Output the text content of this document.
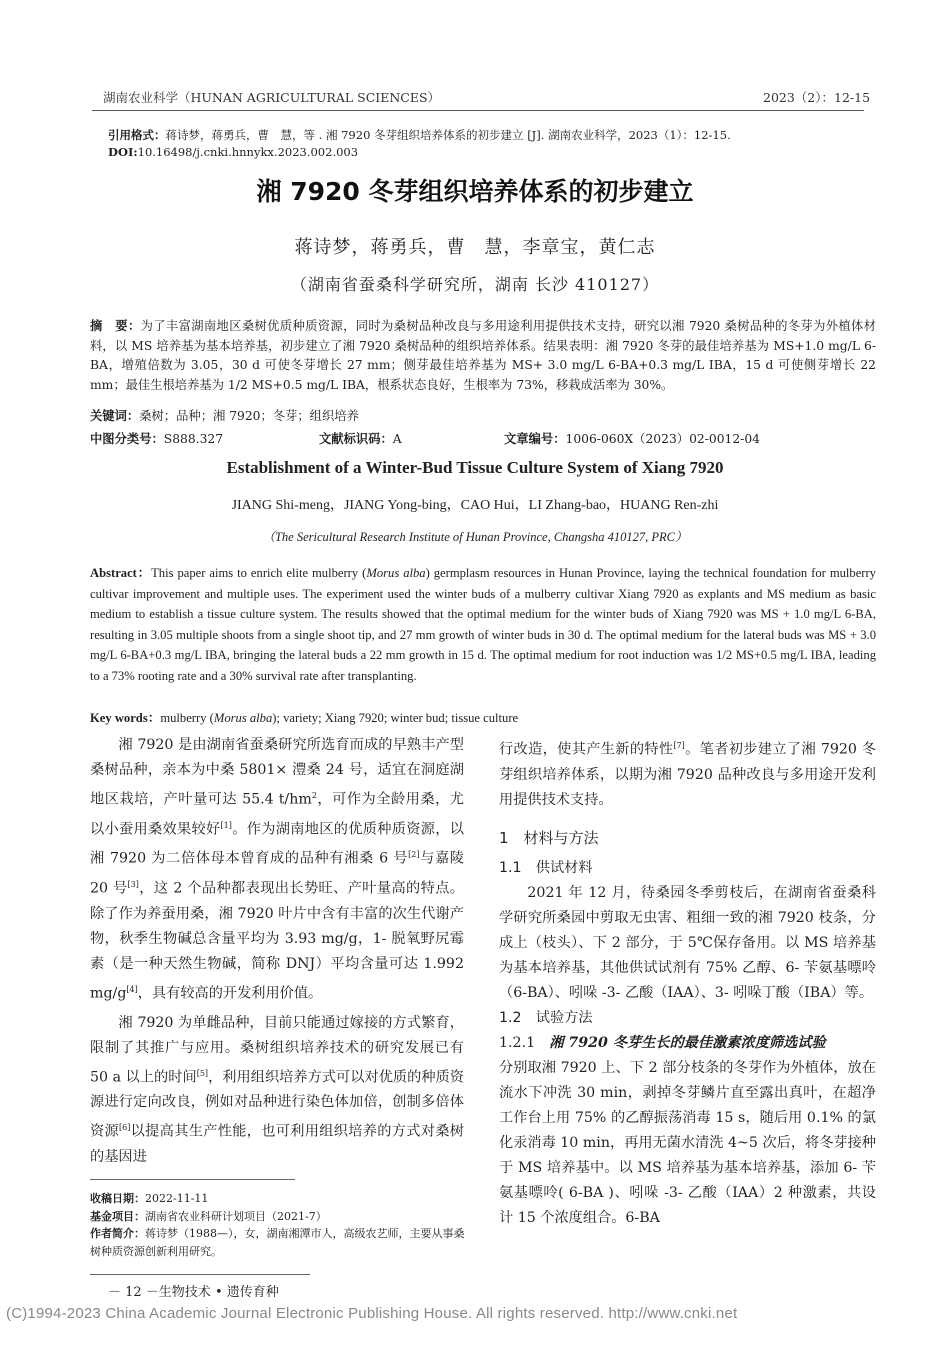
湖南农业科学（HUNAN AGRICULTURAL SCIENCES）	2023（2）：12-15
引用格式：蒋诗梦，蒋勇兵，曹　慧，等 . 湘 7920 冬芽组织培养体系的初步建立 [J]. 湖南农业科学，2023（1）：12-15.
DOI:10.16498/j.cnki.hnnykx.2023.002.003
湘 7920 冬芽组织培养体系的初步建立
蒋诗梦，蒋勇兵，曹　慧，李章宝，黄仁志
（湖南省蚕桑科学研究所，湖南 长沙 410127）
摘　要：为了丰富湖南地区桑树优质种质资源，同时为桑树品种改良与多用途利用提供技术支持，研究以湘 7920 桑树品种的冬芽为外植体材料，以 MS 培养基为基本培养基，初步建立了湘 7920 桑树品种的组织培养体系。结果表明：湘 7920 冬芽的最佳培养基为 MS+1.0 mg/L 6-BA，增殖倍数为 3.05，30 d 可使冬芽增长 27 mm；侧芽最佳培养基为 MS+ 3.0 mg/L 6-BA+0.3 mg/L IBA，15 d 可使侧芽增长 22 mm；最佳生根培养基为 1/2 MS+0.5 mg/L IBA，根系状态良好，生根率为 73%，移栽成活率为 30%。
关键词：桑树；品种；湘 7920；冬芽；组织培养
中图分类号：S888.327	文献标识码：A	文章编号：1006-060X（2023）02-0012-04
Establishment of a Winter-Bud Tissue Culture System of Xiang 7920
JIANG Shi-meng，JIANG Yong-bing，CAO Hui，LI Zhang-bao，HUANG Ren-zhi
（The Sericultural Research Institute of Hunan Province, Changsha 410127, PRC）
Abstract：This paper aims to enrich elite mulberry (Morus alba) germplasm resources in Hunan Province, laying the technical foundation for mulberry cultivar improvement and multiple uses. The experiment used the winter buds of a mulberry cultivar Xiang 7920 as explants and MS medium as basic medium to establish a tissue culture system. The results showed that the optimal medium for the winter buds of Xiang 7920 was MS + 1.0 mg/L 6-BA, resulting in 3.05 multiple shoots from a single shoot tip, and 27 mm growth of winter buds in 30 d. The optimal medium for the lateral buds was MS + 3.0 mg/L 6-BA+0.3 mg/L IBA, bringing the lateral buds a 22 mm growth in 15 d. The optimal medium for root induction was 1/2 MS+0.5 mg/L IBA, leading to a 73% rooting rate and a 30% survival rate after transplanting.
Key words：mulberry (Morus alba); variety; Xiang 7920; winter bud; tissue culture

湘 7920 是由湖南省蚕桑研究所选育而成的早熟丰产型桑树品种，亲本为中桑 5801× 澧桑 24 号，适宜在洞庭湖地区栽培，产叶量可达 55.4 $t/hm^2$，可作为全龄用桑，尤以小蚕用桑效果较好[1]。作为湖南地区的优质种质资源，以湘 7920 为二倍体母本曾育成的品种有湘桑 6 号[2]与嘉陵 20 号[3]，这 2 个品种都表现出长势旺、产叶量高的特点。除了作为养蚕用桑，湘 7920 叶片中含有丰富的次生代谢产物，秋季生物碱总含量平均为 3.93 mg/g，1- 脱氧野尻霉素（是一种天然生物碱，简称 DNJ）平均含量可达 1.992 mg/g[4]，具有较高的开发利用价值。

湘 7920 为单雌品种，目前只能通过嫁接的方式繁育，限制了其推广与应用。桑树组织培养技术的研究发展已有 50 a 以上的时间[5]，利用组织培养方式可以对优质的种质资源进行定向改良，例如对品种进行染色体加倍，创制多倍体资源[6]以提高其生产性能，也可利用组织培养的方式对桑树的基因进

行改造，使其产生新的特性[7]。笔者初步建立了湘 7920 冬芽组织培养体系，以期为湘 7920 品种改良与多用途开发利用提供技术支持。

1　材料与方法
1.1　供试材料

2021 年 12 月，待桑园冬季剪枝后，在湖南省蚕桑科学研究所桑园中剪取无虫害、粗细一致的湘 7920 枝条，分成上（枝头）、下 2 部分，于 5℃保存备用。以 MS 培养基为基本培养基，其他供试试剂有 75% 乙醇、6- 苄氨基嘌呤（6-BA）、吲哚 -3- 乙酸（IAA）、3- 吲哚丁酸（IBA）等。

1.2　试验方法

1.2.1　湘 7920 冬芽生长的最佳激素浓度筛选试验

分别取湘 7920 上、下 2 部分枝条的冬芽作为外植体，放在流水下冲洗 30 min，剥掉冬芽鳞片直至露出真叶，在超净工作台上用 75% 的乙醇振荡消毒 15 s，随后用 0.1% 的氯化汞消毒 10 min，再用无菌水清洗 4~5 次后，将冬芽接种于 MS 培养基中。以 MS 培养基为基本培养基，添加 6- 苄氨基嘌呤( 6-BA )、吲哚 -3- 乙酸（IAA）2 种激素，共设计 15 个浓度组合。6-BA

收稿日期：2022-11-11
基金项目：湖南省农业科研计划项目（2021-7）
作者简介：蒋诗梦（1988—），女，湖南湘潭市人，高级农艺师，主要从事桑树种质资源创新利用研究。
－ 12 －生物技术 • 遗传育种
(C)1994-2023 China Academic Journal Electronic Publishing House. All rights reserved. http://www.cnki.net
